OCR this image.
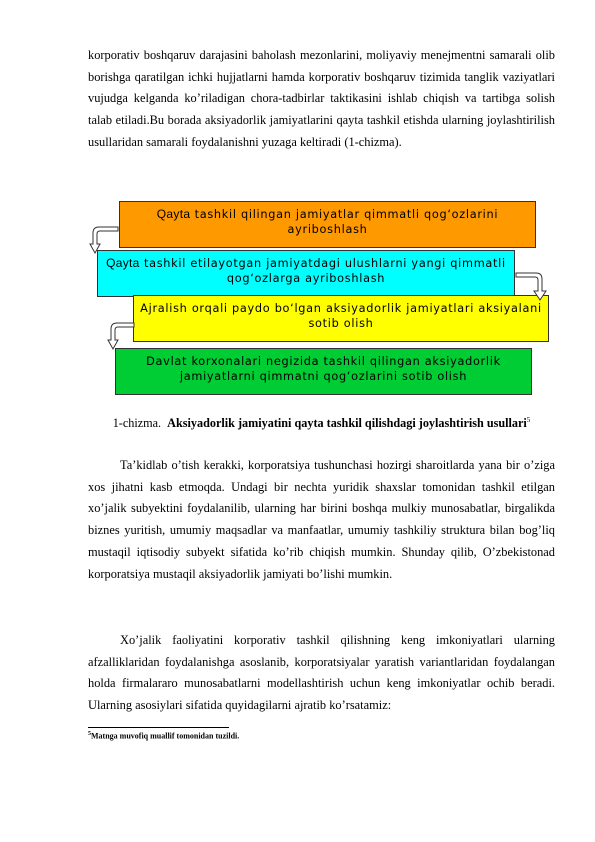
korporativ boshqaruv darajasini baholash mezonlarini, moliyaviy menejmentni samarali olib borishga qaratilgan ichki hujjatlarni hamda korporativ boshqaruv tizimida tanglik vaziyatlari vujudga kelganda ko’riladigan chora-tadbirlar taktikasini ishlab chiqish va tartibga solish talab etiladi.Bu borada aksiyadorlik jamiyatlarini qayta tashkil etishda ularning joylashtirilish usullaridan samarali foydalanishni yuzaga keltiradi (1-chizma).
Qayta tashkil qilingan jamiyatlar qimmatli qog‘ozlarini ayriboshlash
Qayta tashkil etilayotgan jamiyatdagi ulushlarni yangi qimmatli qog‘ozlarga ayriboshlash
Ajralish orqali paydo bo‘lgan aksiyadorlik jamiyatlari aksiyalani sotib olish
Davlat korxonalari negizida tashkil qilingan aksiyadorlik jamiyatlarni qimmatni qog‘ozlarini sotib olish
1-chizma. Aksiyadorlik jamiyatini qayta tashkil qilishdagi joylashtirish usullari$^5$
Ta’kidlab o’tish kerakki, korporatsiya tushunchasi hozirgi sharoitlarda yana bir o’ziga xos jihatni kasb etmoqda. Undagi bir nechta yuridik shaxslar tomonidan tashkil etilgan xo’jalik subyektini foydalanilib, ularning har birini boshqa mulkiy munosabatlar, birgalikda biznes yuritish, umumiy maqsadlar va manfaatlar, umumiy tashkiliy struktura bilan bog’liq mustaqil iqtisodiy subyekt sifatida ko’rib chiqish mumkin. Shunday qilib, O’zbekistonad korporatsiya mustaqil aksiyadorlik jamiyati bo’lishi mumkin.
Xo’jalik faoliyatini korporativ tashkil qilishning keng imkoniyatlari ularning afzalliklaridan foydalanishga asoslanib, korporatsiyalar yaratish variantlaridan foydalangan holda firmalararo munosabatlarni modellashtirish uchun keng imkoniyatlar ochib beradi. Ularning asosiylari sifatida quyidagilarni ajratib ko’rsatamiz:
$^5$Matnga muvofiq muallif tomonidan tuzildi.
